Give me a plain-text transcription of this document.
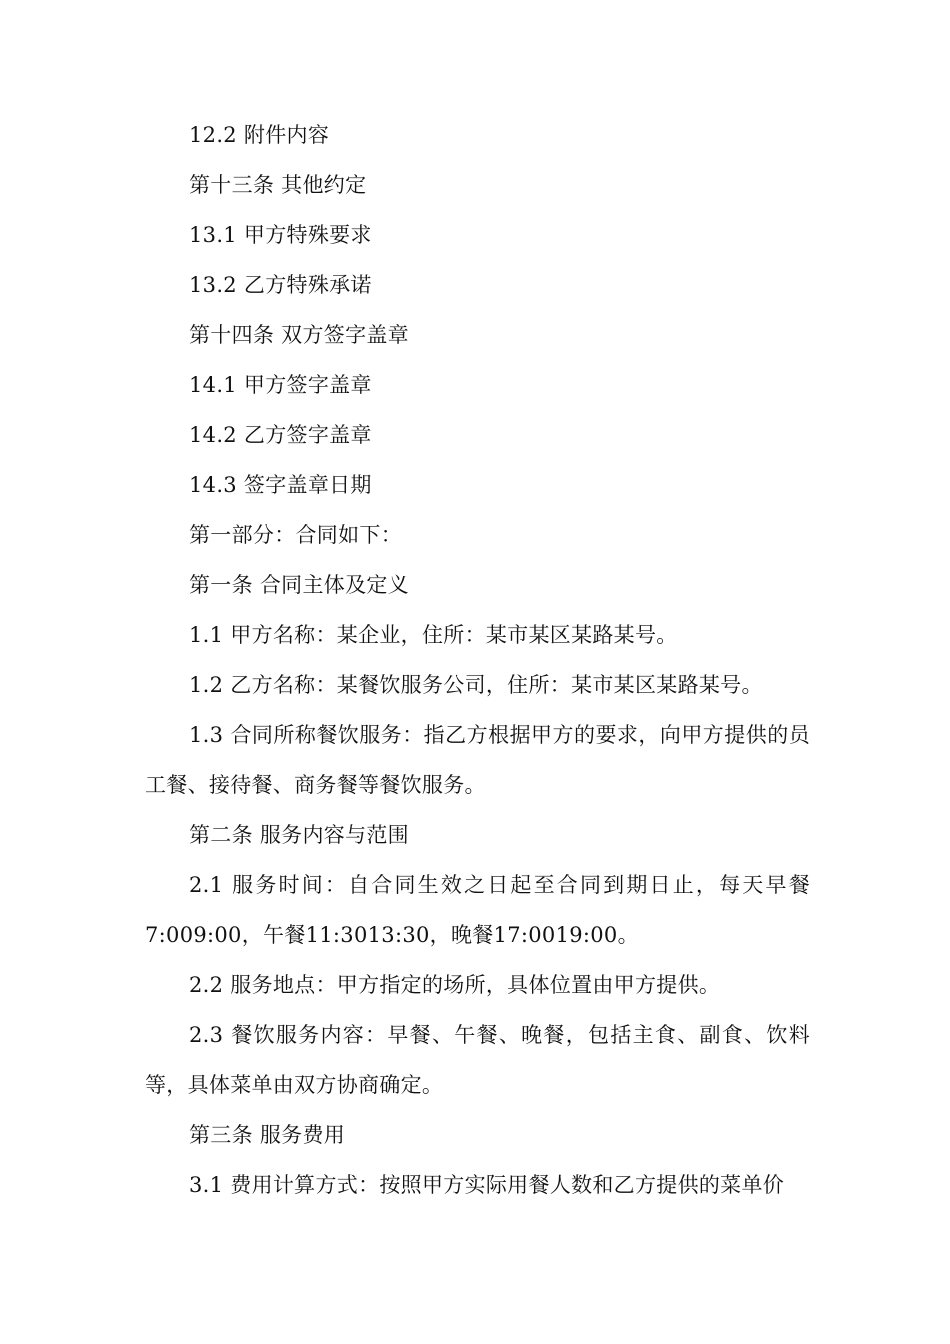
12.2 附件内容

第十三条 其他约定

13.1 甲方特殊要求

13.2 乙方特殊承诺

第十四条 双方签字盖章

14.1 甲方签字盖章

14.2 乙方签字盖章

14.3 签字盖章日期

第一部分：合同如下：

第一条 合同主体及定义

1.1 甲方名称：某企业，住所：某市某区某路某号。

1.2 乙方名称：某餐饮服务公司，住所：某市某区某路某号。

1.3 合同所称餐饮服务：指乙方根据甲方的要求，向甲方提供的员工餐、接待餐、商务餐等餐饮服务。

第二条 服务内容与范围

2.1 服务时间：自合同生效之日起至合同到期日止，每天早餐7:009:00，午餐11:3013:30，晚餐17:0019:00。

2.2 服务地点：甲方指定的场所，具体位置由甲方提供。

2.3 餐饮服务内容：早餐、午餐、晚餐，包括主食、副食、饮料等，具体菜单由双方协商确定。

第三条 服务费用

3.1 费用计算方式：按照甲方实际用餐人数和乙方提供的菜单价
